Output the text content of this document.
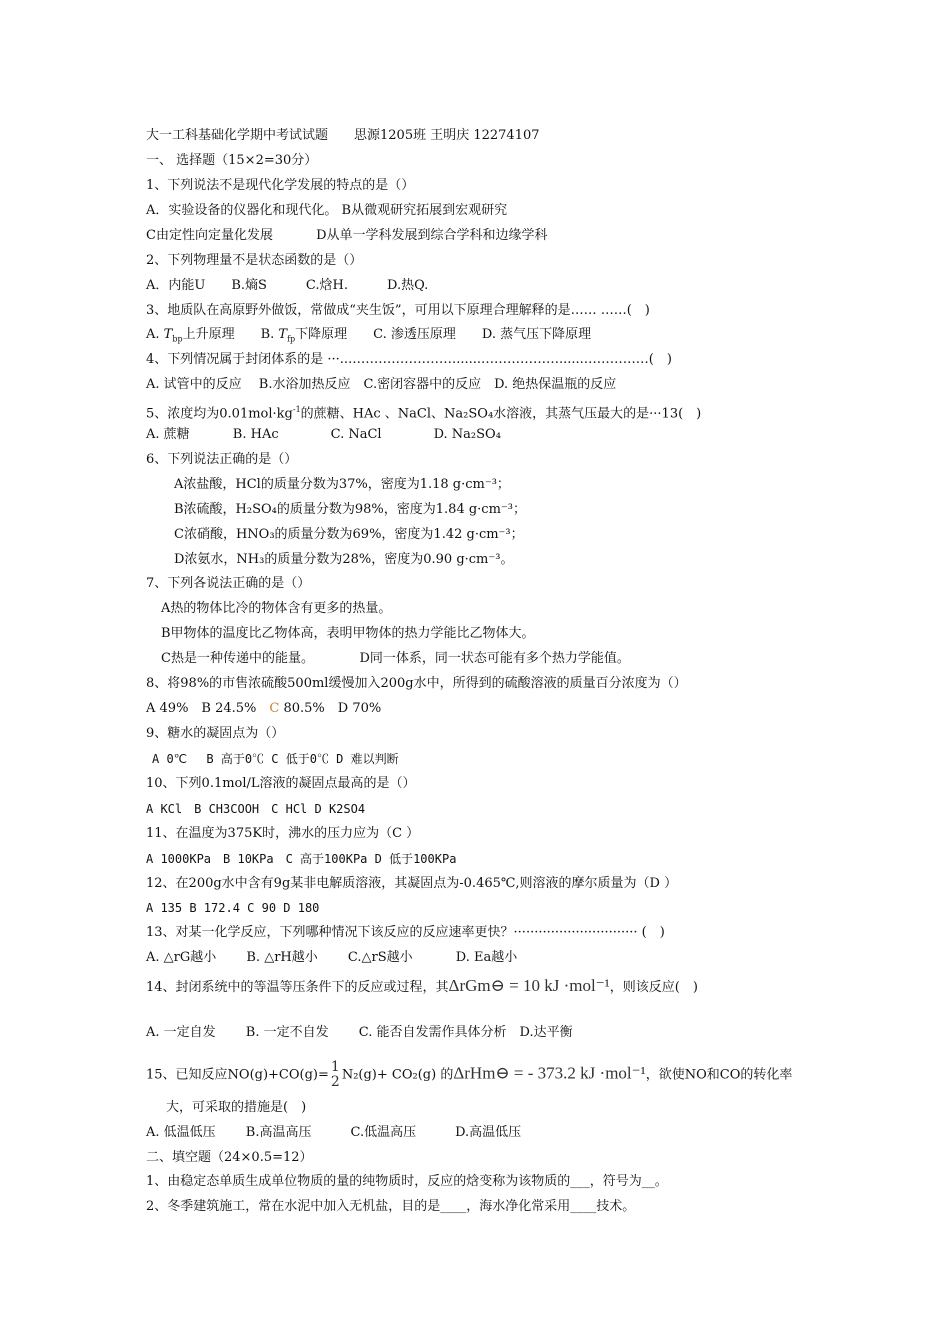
大一工科基础化学期中考试试题　　思源1205班 王明庆 12274107
一、 选择题（15×2=30分）
1、下列说法不是现代化学发展的特点的是（）
A．实验设备的仪器化和现代化。 B从微观研究拓展到宏观研究
C由定性向定量化发展　　　 D从单一学科发展到综合学科和边缘学科
2、下列物理量不是状态函数的是（）
A．内能U　　B.熵S　　　C.焓H.　　　D.热Q.
3、地质队在高原野外做饭，常做成“夹生饭”，可用以下原理合理解释的是…… ……(　)
A. $T_{bp}$上升原理　　B. $T_{fp}$下降原理　　C. 渗透压原理　　D. 蒸气压下降原理
4、下列情况属于封闭体系的是 ···...……………………......………………......……………(　)
A. 试管中的反应　 B.水浴加热反应　C.密闭容器中的反应　D. 绝热保温瓶的反应
5、浓度均为$0.01mol\cdot kg^{-1}$的蔗糖、HAc 、NaCl、Na₂SO₄水溶液，其蒸气压最大的是···13(　)
A. 蔗糖　　　 B. HAc　　　　C. NaCl　　　　D. Na₂SO₄
6、下列说法正确的是（）
A浓盐酸，HCl的质量分数为37%，密度为1.18 g·cm⁻³；
B浓硫酸，H₂SO₄的质量分数为98%，密度为1.84 g·cm⁻³；
C浓硝酸，HNO₃的质量分数为69%，密度为1.42 g·cm⁻³；
D浓氨水，NH₃的质量分数为28%，密度为0.90 g·cm⁻³。
7、下列各说法正确的是（）
A热的物体比冷的物体含有更多的热量。
B甲物体的温度比乙物体高，表明甲物体的热力学能比乙物体大。
C热是一种传递中的能量。　　　　D同一体系，同一状态可能有多个热力学能值。
8、将98%的市售浓硫酸500ml缓慢加入200g水中，所得到的硫酸溶液的质量百分浓度为（）
A 49%　B 24.5%　C 80.5%　D 70%
9、糖水的凝固点为（）
A 0℃　 B 高于0℃ C 低于0℃ D 难以判断
10、下列0.1mol/L溶液的凝固点最高的是（）
A KCl　B CH3COOH　C HCl D K2SO4
11、在温度为375K时，沸水的压力应为（C ）
A 1000KPa　B 10KPa　C 高于100KPa D 低于100KPa
12、在200g水中含有9g某非电解质溶液，其凝固点为-0.465℃,则溶液的摩尔质量为（D ）
A 135 B 172.4 C 90 D 180
13、对某一化学反应，下列哪种情况下该反应的反应速率更快？······························ (　)
A. △rG越小　　 B. △rH越小　　 C.△rS越小　　　 D. Ea越小
14、封闭系统中的等温等压条件下的反应或过程，其ΔrGm⊖ = 10 kJ ·mol⁻¹，则该反应(　)
A. 一定自发　　 B. 一定不自发　　 C. 能否自发需作具体分析　D.达平衡
15、已知反应NO(g)+CO(g)= 1
2 N₂(g)+ CO₂(g) 的ΔrHm⊖ = - 373.2 kJ ·mol⁻¹，欲使NO和CO的转化率
大，可采取的措施是(　)
A. 低温低压　　 B.高温高压　　　C.低温高压　　　D.高温低压
二、填空题（24×0.5=12）
1、由稳定态单质生成单位物质的量的纯物质时，反应的焓变称为该物质的___，符号为__。
2、冬季建筑施工，常在水泥中加入无机盐，目的是____，海水净化常采用____技术。
